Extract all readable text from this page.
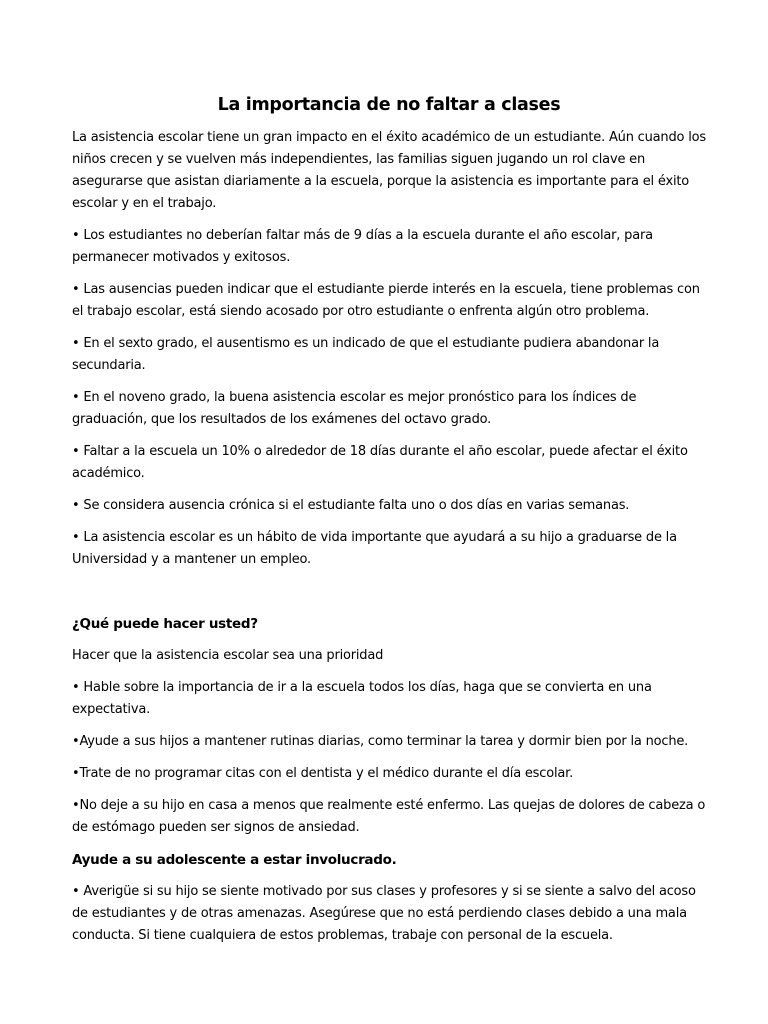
La importancia de no faltar a clases

La asistencia escolar tiene un gran impacto en el éxito académico de un estudiante. Aún cuando los niños crecen y se vuelven más independientes, las familias siguen jugando un rol clave en asegurarse que asistan diariamente a la escuela, porque la asistencia es importante para el éxito escolar y en el trabajo.

• Los estudiantes no deberían faltar más de 9 días a la escuela durante el año escolar, para permanecer motivados y exitosos.

• Las ausencias pueden indicar que el estudiante pierde interés en la escuela, tiene problemas con el trabajo escolar, está siendo acosado por otro estudiante o enfrenta algún otro problema.

• En el sexto grado, el ausentismo es un indicado de que el estudiante pudiera abandonar la secundaria.

• En el noveno grado, la buena asistencia escolar es mejor pronóstico para los índices de graduación, que los resultados de los exámenes del octavo grado.

• Faltar a la escuela un 10% o alrededor de 18 días durante el año escolar, puede afectar el éxito académico.

• Se considera ausencia crónica si el estudiante falta uno o dos días en varias semanas.

• La asistencia escolar es un hábito de vida importante que ayudará a su hijo a graduarse de la Universidad y a mantener un empleo.

¿Qué puede hacer usted?

Hacer que la asistencia escolar sea una prioridad

• Hable sobre la importancia de ir a la escuela todos los días, haga que se convierta en una expectativa.

•Ayude a sus hijos a mantener rutinas diarias, como terminar la tarea y dormir bien por la noche.

•Trate de no programar citas con el dentista y el médico durante el día escolar.

•No deje a su hijo en casa a menos que realmente esté enfermo. Las quejas de dolores de cabeza o de estómago pueden ser signos de ansiedad.

Ayude a su adolescente a estar involucrado.

• Averigüe si su hijo se siente motivado por sus clases y profesores y si se siente a salvo del acoso de estudiantes y de otras amenazas. Asegúrese que no está perdiendo clases debido a una mala conducta. Si tiene cualquiera de estos problemas, trabaje con personal de la escuela.
